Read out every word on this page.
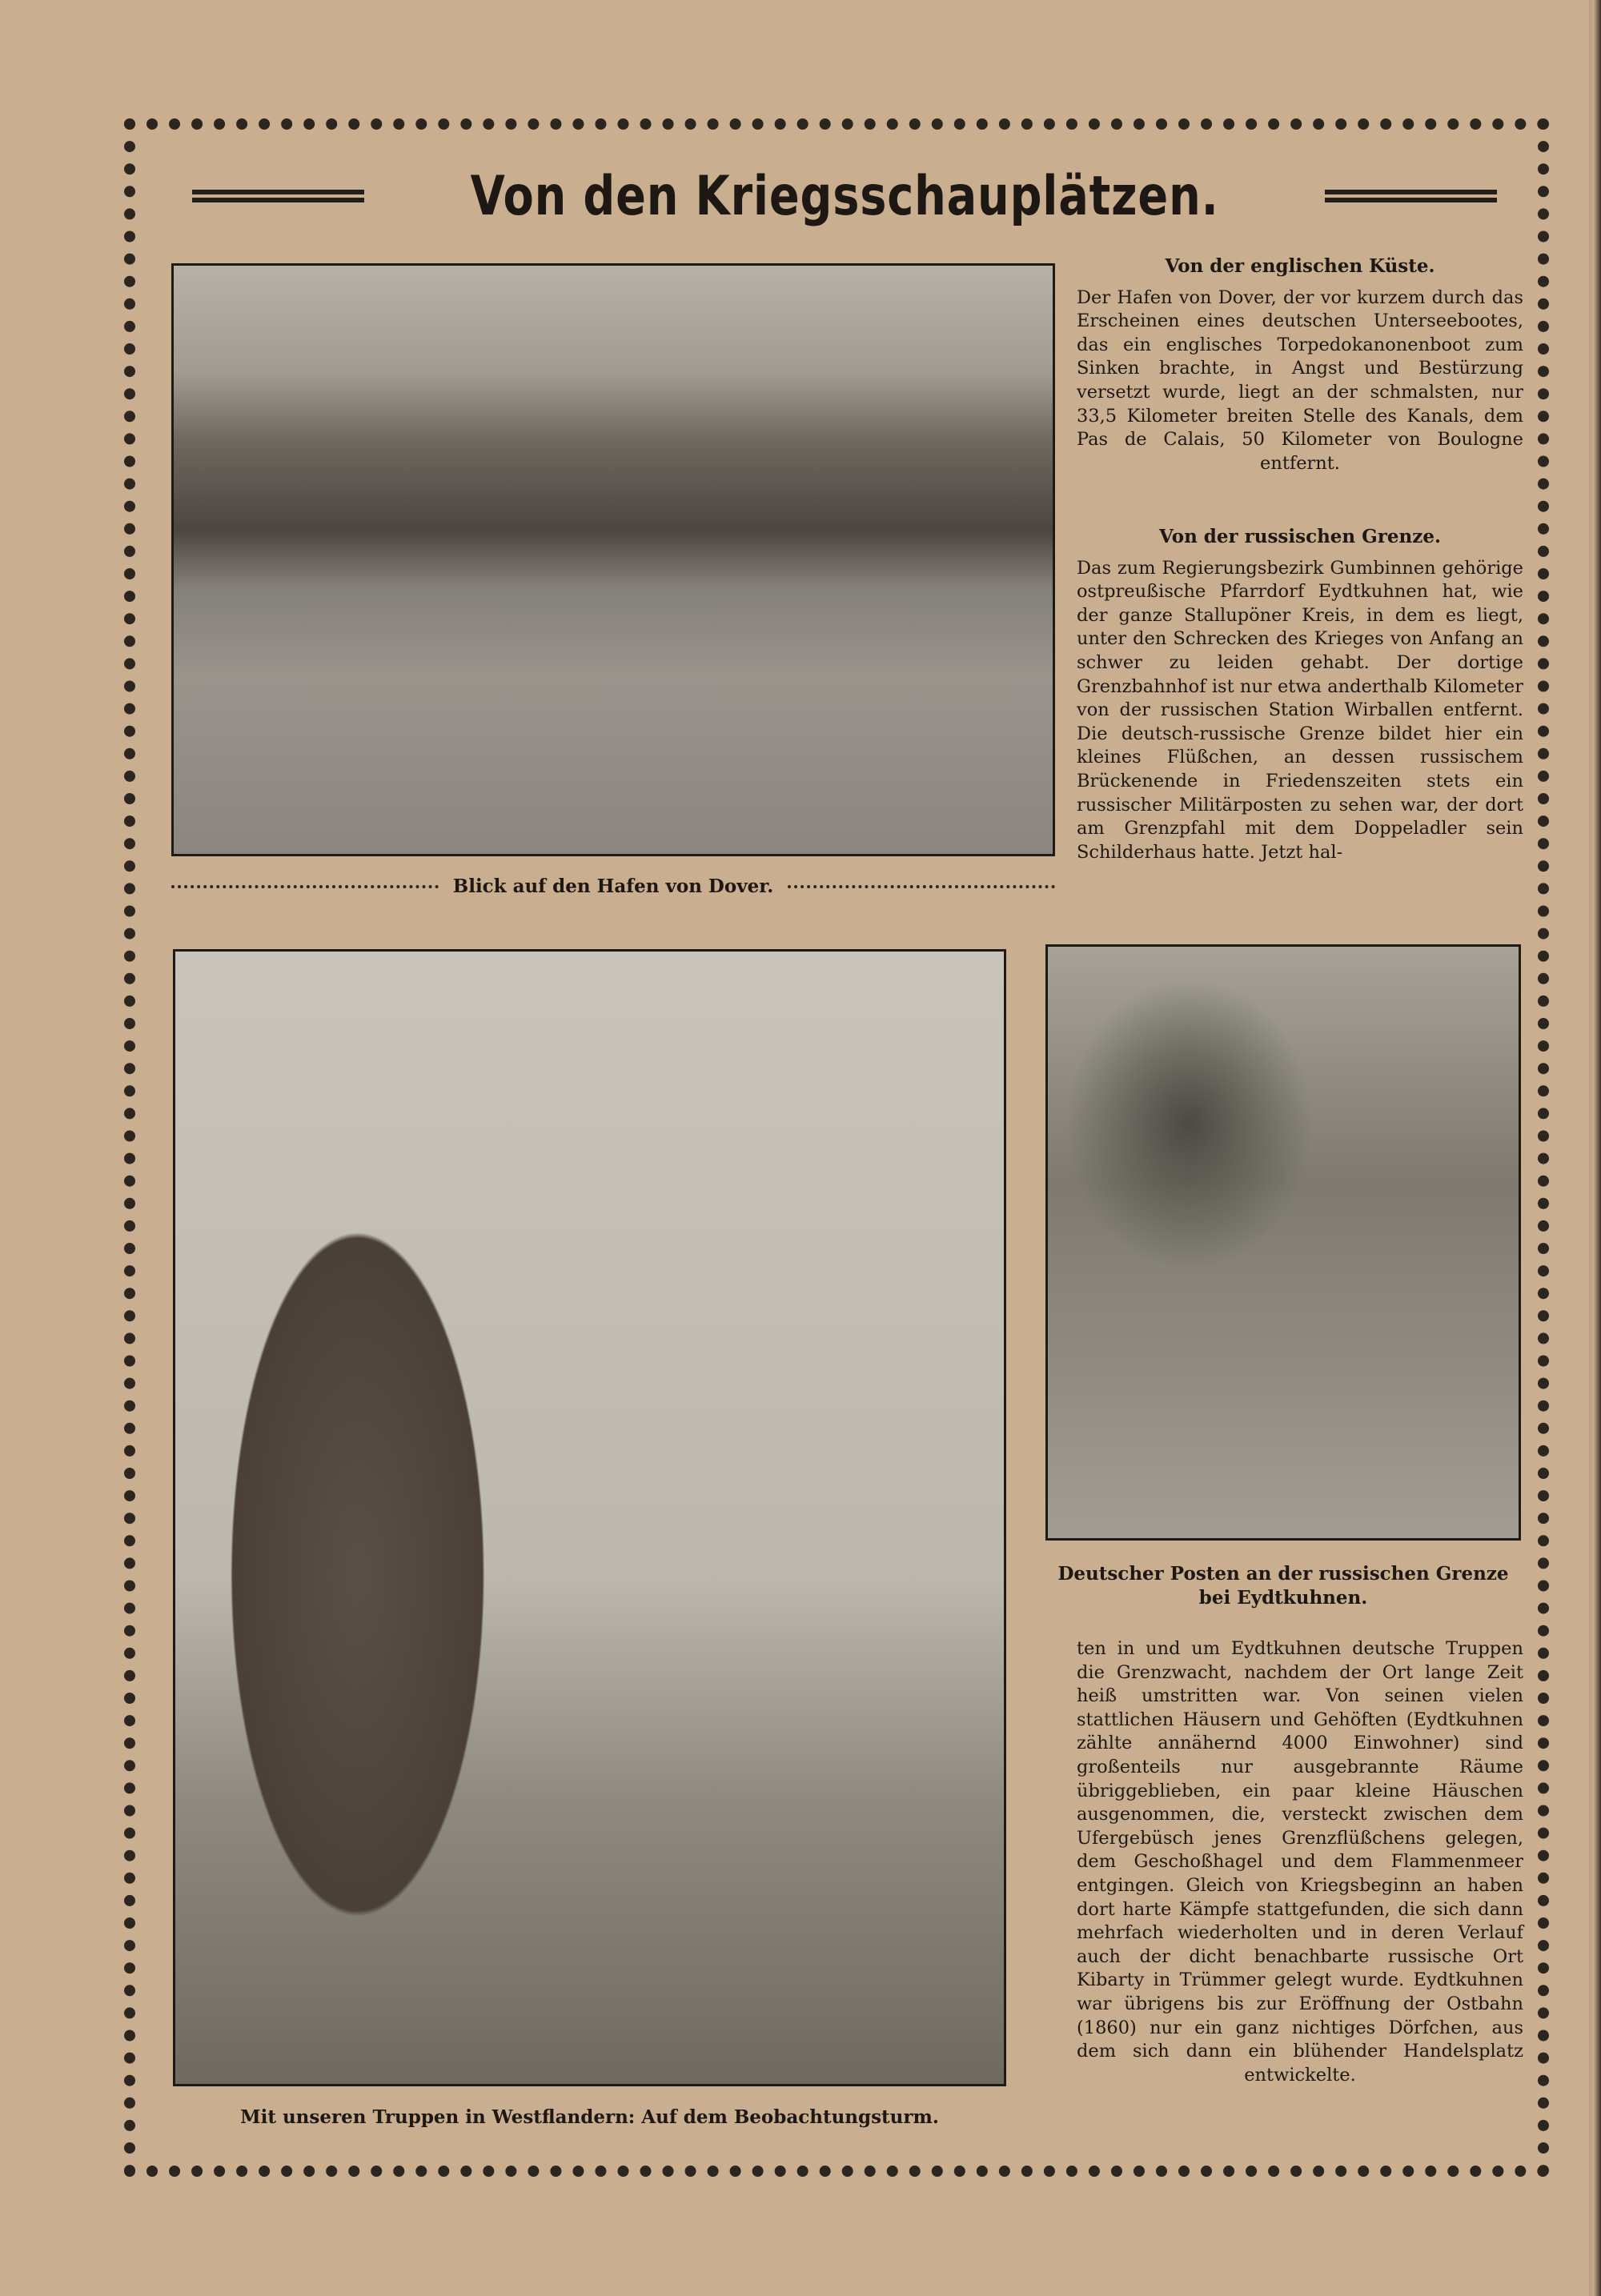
Von den Kriegsschauplätzen.
Blick auf den Hafen von Dover.
Mit unseren Truppen in Westflandern: Auf dem Beobachtungsturm.
Deutscher Posten an der russischen Grenze
bei Eydtkuhnen.
Von der englischen Küste.

Der Hafen von Dover, der vor kurzem durch das Erscheinen eines deutschen Unterseebootes, das ein englisches Torpedokanonenboot zum Sinken brachte, in Angst und Bestürzung versetzt wurde, liegt an der schmalsten, nur 33,5 Kilometer breiten Stelle des Kanals, dem Pas de Calais, 50 Kilometer von Boulogne entfernt.

Von der russischen Grenze.

Das zum Regierungsbezirk Gumbinnen gehörige ostpreußische Pfarrdorf Eydtkuhnen hat, wie der ganze Stallupöner Kreis, in dem es liegt, unter den Schrecken des Krieges von Anfang an schwer zu leiden gehabt. Der dortige Grenzbahnhof ist nur etwa anderthalb Kilometer von der russischen Station Wirballen entfernt. Die deutsch-russische Grenze bildet hier ein kleines Flüßchen, an dessen russischem Brückenende in Friedenszeiten stets ein russischer Militärposten zu sehen war, der dort am Grenzpfahl mit dem Doppeladler sein Schilderhaus hatte. Jetzt hal-

ten in und um Eydtkuhnen deutsche Truppen die Grenzwacht, nachdem der Ort lange Zeit heiß umstritten war. Von seinen vielen stattlichen Häusern und Gehöften (Eydtkuhnen zählte annähernd 4000 Einwohner) sind großenteils nur ausgebrannte Räume übriggeblieben, ein paar kleine Häuschen ausgenommen, die, versteckt zwischen dem Ufergebüsch jenes Grenzflüßchens gelegen, dem Geschoßhagel und dem Flammenmeer entgingen. Gleich von Kriegsbeginn an haben dort harte Kämpfe stattgefunden, die sich dann mehrfach wiederholten und in deren Verlauf auch der dicht benachbarte russische Ort Kibarty in Trümmer gelegt wurde. Eydtkuhnen war übrigens bis zur Eröffnung der Ostbahn (1860) nur ein ganz nichtiges Dörfchen, aus dem sich dann ein blühender Handelsplatz entwickelte.
